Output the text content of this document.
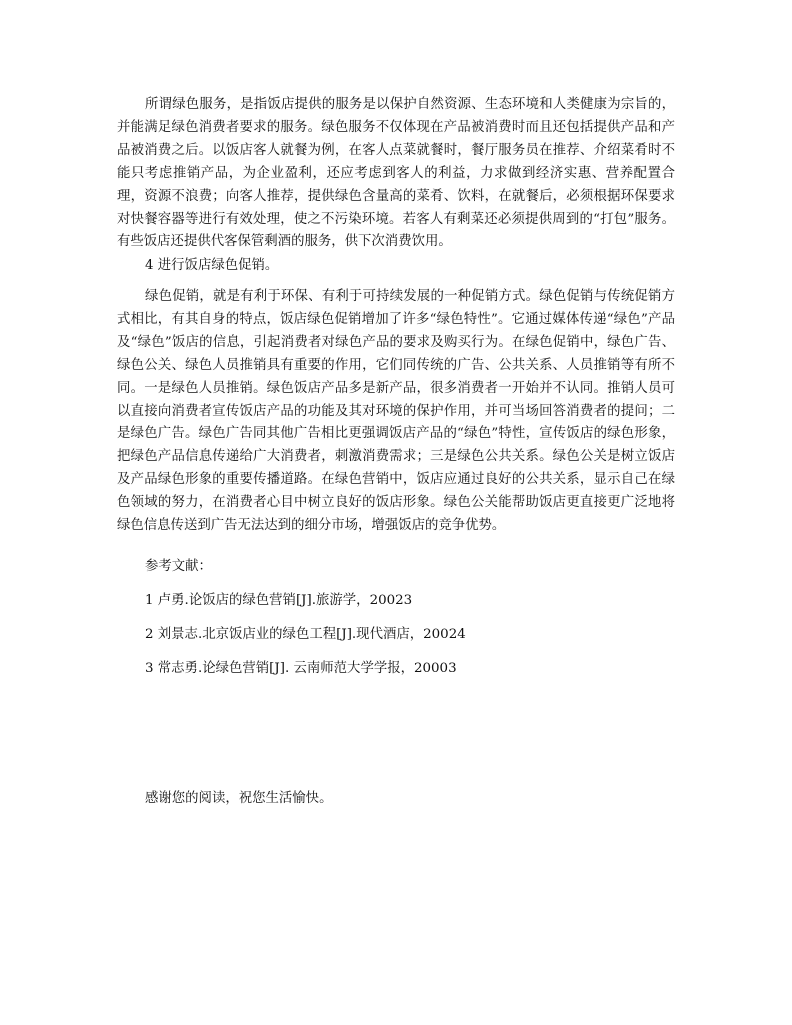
所谓绿色服务，是指饭店提供的服务是以保护自然资源、生态环境和人类健康为宗旨的，并能满足绿色消费者要求的服务。绿色服务不仅体现在产品被消费时而且还包括提供产品和产品被消费之后。以饭店客人就餐为例，在客人点菜就餐时，餐厅服务员在推荐、介绍菜肴时不能只考虑推销产品，为企业盈利，还应考虑到客人的利益，力求做到经济实惠、营养配置合理，资源不浪费；向客人推荐，提供绿色含量高的菜肴、饮料，在就餐后，必须根据环保要求对快餐容器等进行有效处理，使之不污染环境。若客人有剩菜还必须提供周到的“打包”服务。有些饭店还提供代客保管剩酒的服务，供下次消费饮用。

4 进行饭店绿色促销。

绿色促销，就是有利于环保、有利于可持续发展的一种促销方式。绿色促销与传统促销方式相比，有其自身的特点，饭店绿色促销增加了许多“绿色特性”。它通过媒体传递“绿色”产品及“绿色”饭店的信息，引起消费者对绿色产品的要求及购买行为。在绿色促销中，绿色广告、绿色公关、绿色人员推销具有重要的作用，它们同传统的广告、公共关系、人员推销等有所不同。一是绿色人员推销。绿色饭店产品多是新产品，很多消费者一开始并不认同。推销人员可以直接向消费者宣传饭店产品的功能及其对环境的保护作用，并可当场回答消费者的提问；二是绿色广告。绿色广告同其他广告相比更强调饭店产品的“绿色”特性，宣传饭店的绿色形象，把绿色产品信息传递给广大消费者，刺激消费需求；三是绿色公共关系。绿色公关是树立饭店及产品绿色形象的重要传播道路。在绿色营销中，饭店应通过良好的公共关系，显示自己在绿色领域的努力，在消费者心目中树立良好的饭店形象。绿色公关能帮助饭店更直接更广泛地将绿色信息传送到广告无法达到的细分市场，增强饭店的竞争优势。

参考文献：

1 卢勇.论饭店的绿色营销[J].旅游学，20023

2 刘景志.北京饭店业的绿色工程[J].现代酒店，20024

3 常志勇.论绿色营销[J]. 云南师范大学学报，20003

感谢您的阅读，祝您生活愉快。
